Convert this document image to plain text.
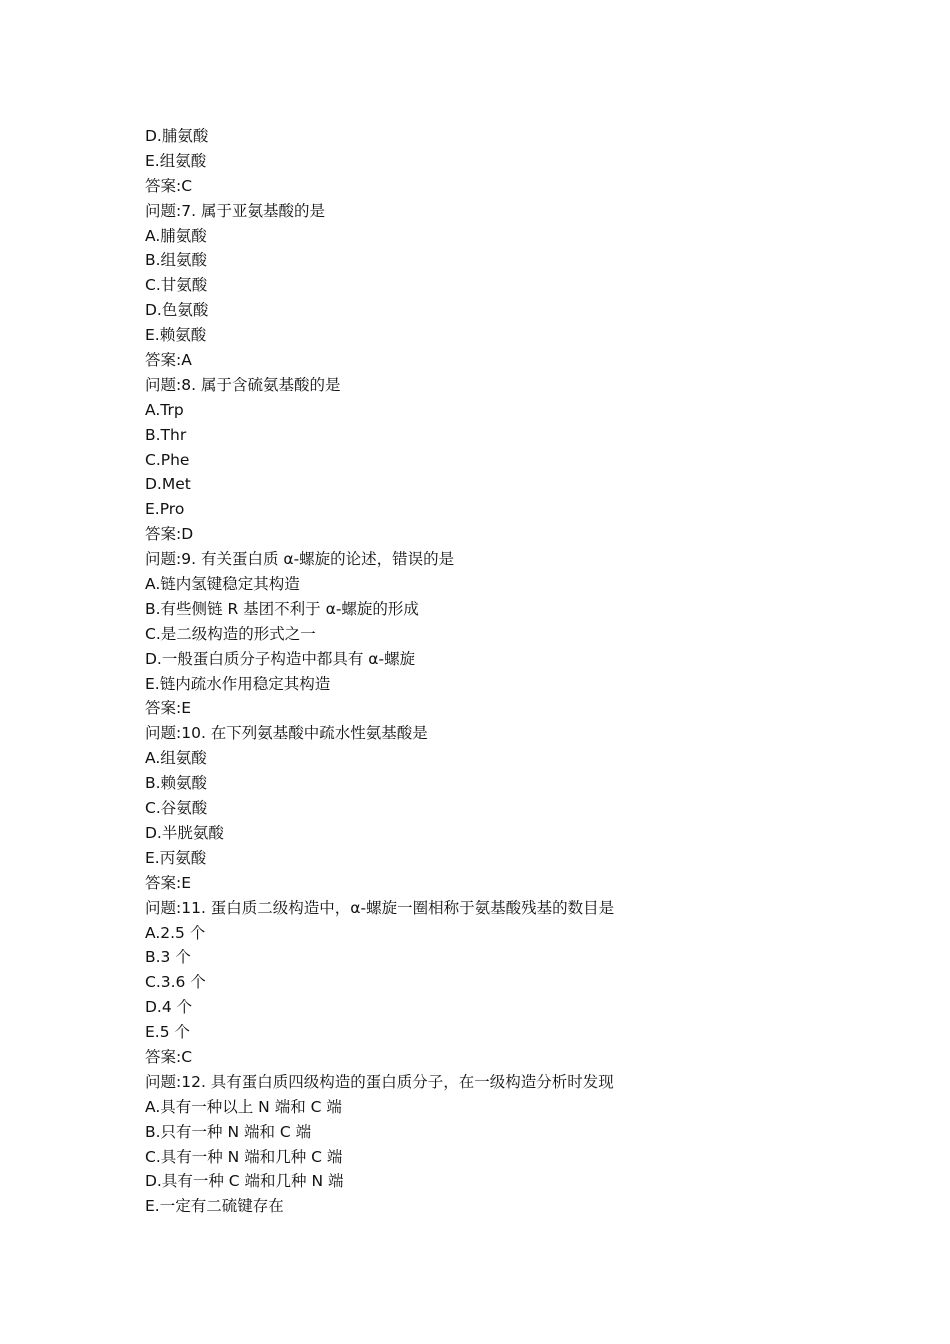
D.脯氨酸
E.组氨酸
答案:C
问题:7. 属于亚氨基酸的是
A.脯氨酸
B.组氨酸
C.甘氨酸
D.色氨酸
E.赖氨酸
答案:A
问题:8. 属于含硫氨基酸的是
A.Trp
B.Thr
C.Phe
D.Met
E.Pro
答案:D
问题:9. 有关蛋白质 α-螺旋的论述，错误的是
A.链内氢键稳定其构造
B.有些侧链 R 基团不利于 α-螺旋的形成
C.是二级构造的形式之一
D.一般蛋白质分子构造中都具有 α-螺旋
E.链内疏水作用稳定其构造
答案:E
问题:10. 在下列氨基酸中疏水性氨基酸是
A.组氨酸
B.赖氨酸
C.谷氨酸
D.半胱氨酸
E.丙氨酸
答案:E
问题:11. 蛋白质二级构造中，α-螺旋一圈相称于氨基酸残基的数目是
A.2.5 个
B.3 个
C.3.6 个
D.4 个
E.5 个
答案:C
问题:12. 具有蛋白质四级构造的蛋白质分子，在一级构造分析时发现
A.具有一种以上 N 端和 C 端
B.只有一种 N 端和 C 端
C.具有一种 N 端和几种 C 端
D.具有一种 C 端和几种 N 端
E.一定有二硫键存在
